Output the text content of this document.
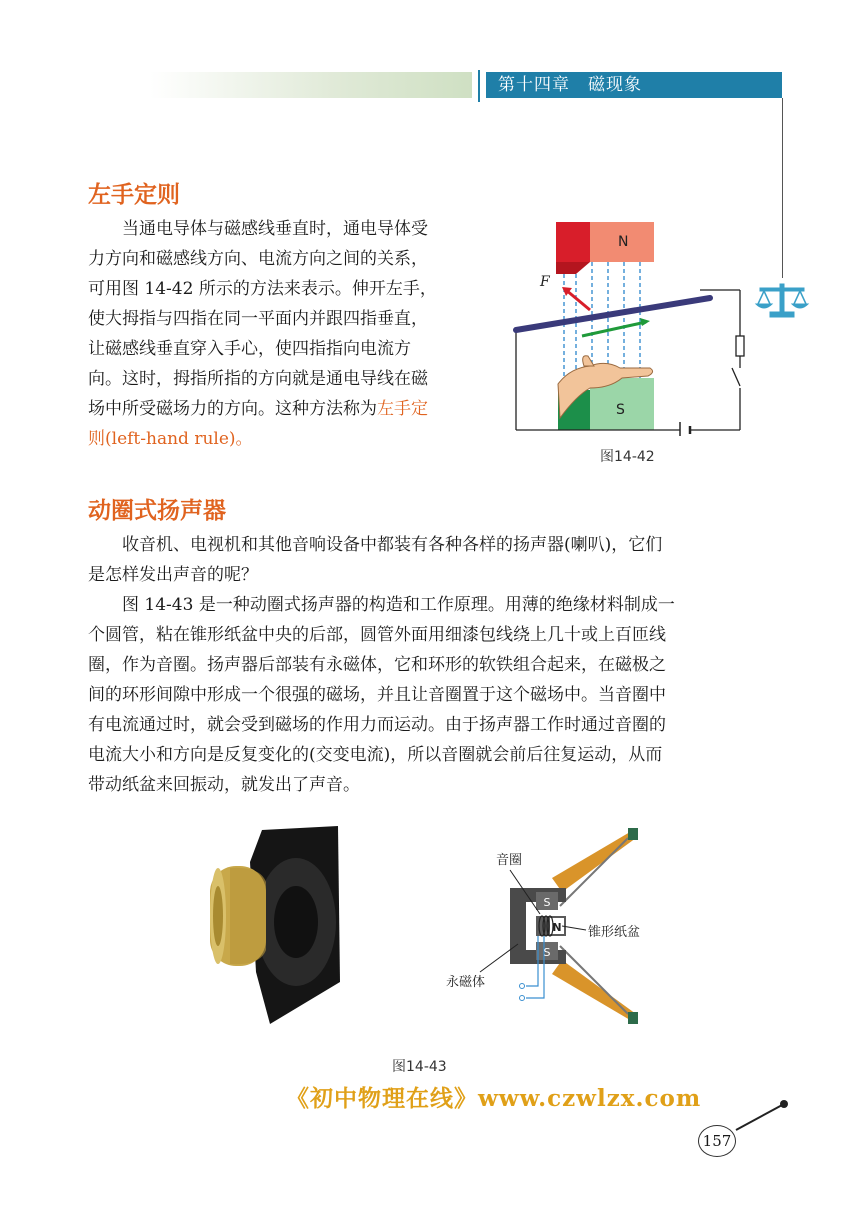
第十四章　磁现象
左手定则
当通电导体与磁感线垂直时，通电导体受
力方向和磁感线方向、电流方向之间的关系，
可用图 14-42 所示的方法来表示。伸开左手，
使大拇指与四指在同一平面内并跟四指垂直，
让磁感线垂直穿入手心，使四指指向电流方
向。这时，拇指所指的方向就是通电导线在磁
场中所受磁场力的方向。这种方法称为左手定
则(left-hand rule)。
N
S
F
图14-42
动圈式扬声器
收音机、电视机和其他音响设备中都装有各种各样的扬声器(喇叭)，它们
是怎样发出声音的呢？
图 14-43 是一种动圈式扬声器的构造和工作原理。用薄的绝缘材料制成一
个圆管，粘在锥形纸盆中央的后部，圆管外面用细漆包线绕上几十或上百匝线
圈，作为音圈。扬声器后部装有永磁体，它和环形的软铁组合起来，在磁极之
间的环形间隙中形成一个很强的磁场，并且让音圈置于这个磁场中。当音圈中
有电流通过时，就会受到磁场的作用力而运动。由于扬声器工作时通过音圈的
电流大小和方向是反复变化的(交变电流)，所以音圈就会前后往复运动，从而
带动纸盆来回振动，就发出了声音。
S
N
S
音圈
锥形纸盆
永磁体
图14-43
《初中物理在线》www.czwlzx.com
157
